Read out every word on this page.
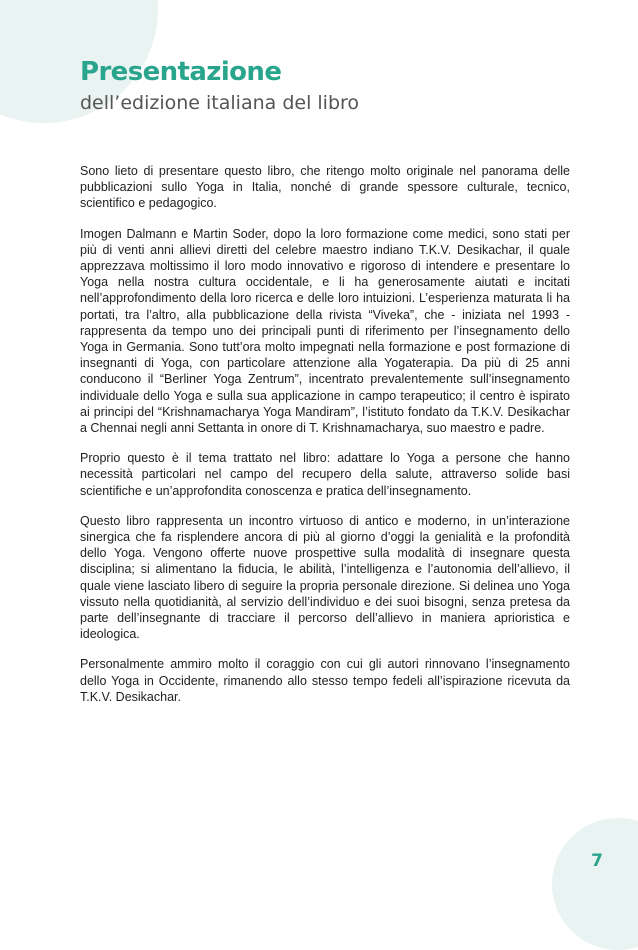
Presentazione
dell’edizione italiana del libro

Sono lieto di presentare questo libro, che ritengo molto originale nel panorama delle pubblicazioni sullo Yoga in Italia, nonché di grande spessore culturale, tecnico, scientifico e pedagogico.

Imogen Dalmann e Martin Soder, dopo la loro formazione come medici, sono stati per più di venti anni allievi diretti del celebre maestro indiano T.K.V. Desikachar, il quale apprezzava moltissimo il loro modo innovativo e rigoroso di intendere e presentare lo Yoga nella nostra cultura occidentale, e li ha generosamente aiutati e incitati nell’approfondimento della loro ricerca e delle loro intuizioni. L’esperienza maturata li ha portati, tra l’altro, alla pubblicazione della rivista “Viveka”, che - iniziata nel 1993 - rappresenta da tempo uno dei principali punti di riferimento per l’insegnamento dello Yoga in Germania. Sono tutt’ora molto impegnati nella formazione e post formazione di insegnanti di Yoga, con particolare attenzione alla Yogaterapia. Da più di 25 anni conducono il “Berliner Yoga Zentrum”, incentrato prevalentemente sull’insegnamento individuale dello Yoga e sulla sua applicazione in campo terapeutico; il centro è ispirato ai principi del “Krishnamacharya Yoga Mandiram”, l’istituto fondato da T.K.V. Desikachar a Chennai negli anni Settanta in onore di T. Krishnamacharya, suo maestro e padre.

Proprio questo è il tema trattato nel libro: adattare lo Yoga a persone che hanno necessità particolari nel campo del recupero della salute, attraverso solide basi scientifiche e un’approfondita conoscenza e pratica dell’insegnamento.

Questo libro rappresenta un incontro virtuoso di antico e moderno, in un’interazione sinergica che fa risplendere ancora di più al giorno d’oggi la genialità e la profondità dello Yoga. Vengono offerte nuove prospettive sulla modalità di insegnare questa disciplina; si alimentano la fiducia, le abilità, l’intelligenza e l’autonomia dell’allievo, il quale viene lasciato libero di seguire la propria personale direzione. Si delinea uno Yoga vissuto nella quotidianità, al servizio dell’individuo e dei suoi bisogni, senza pretesa da parte dell’insegnante di tracciare il percorso dell’allievo in maniera aprioristica e ideologica.

Personalmente ammiro molto il coraggio con cui gli autori rinnovano l’insegnamento dello Yoga in Occidente, rimanendo allo stesso tempo fedeli all’ispirazione ricevuta da T.K.V. Desikachar.

7
